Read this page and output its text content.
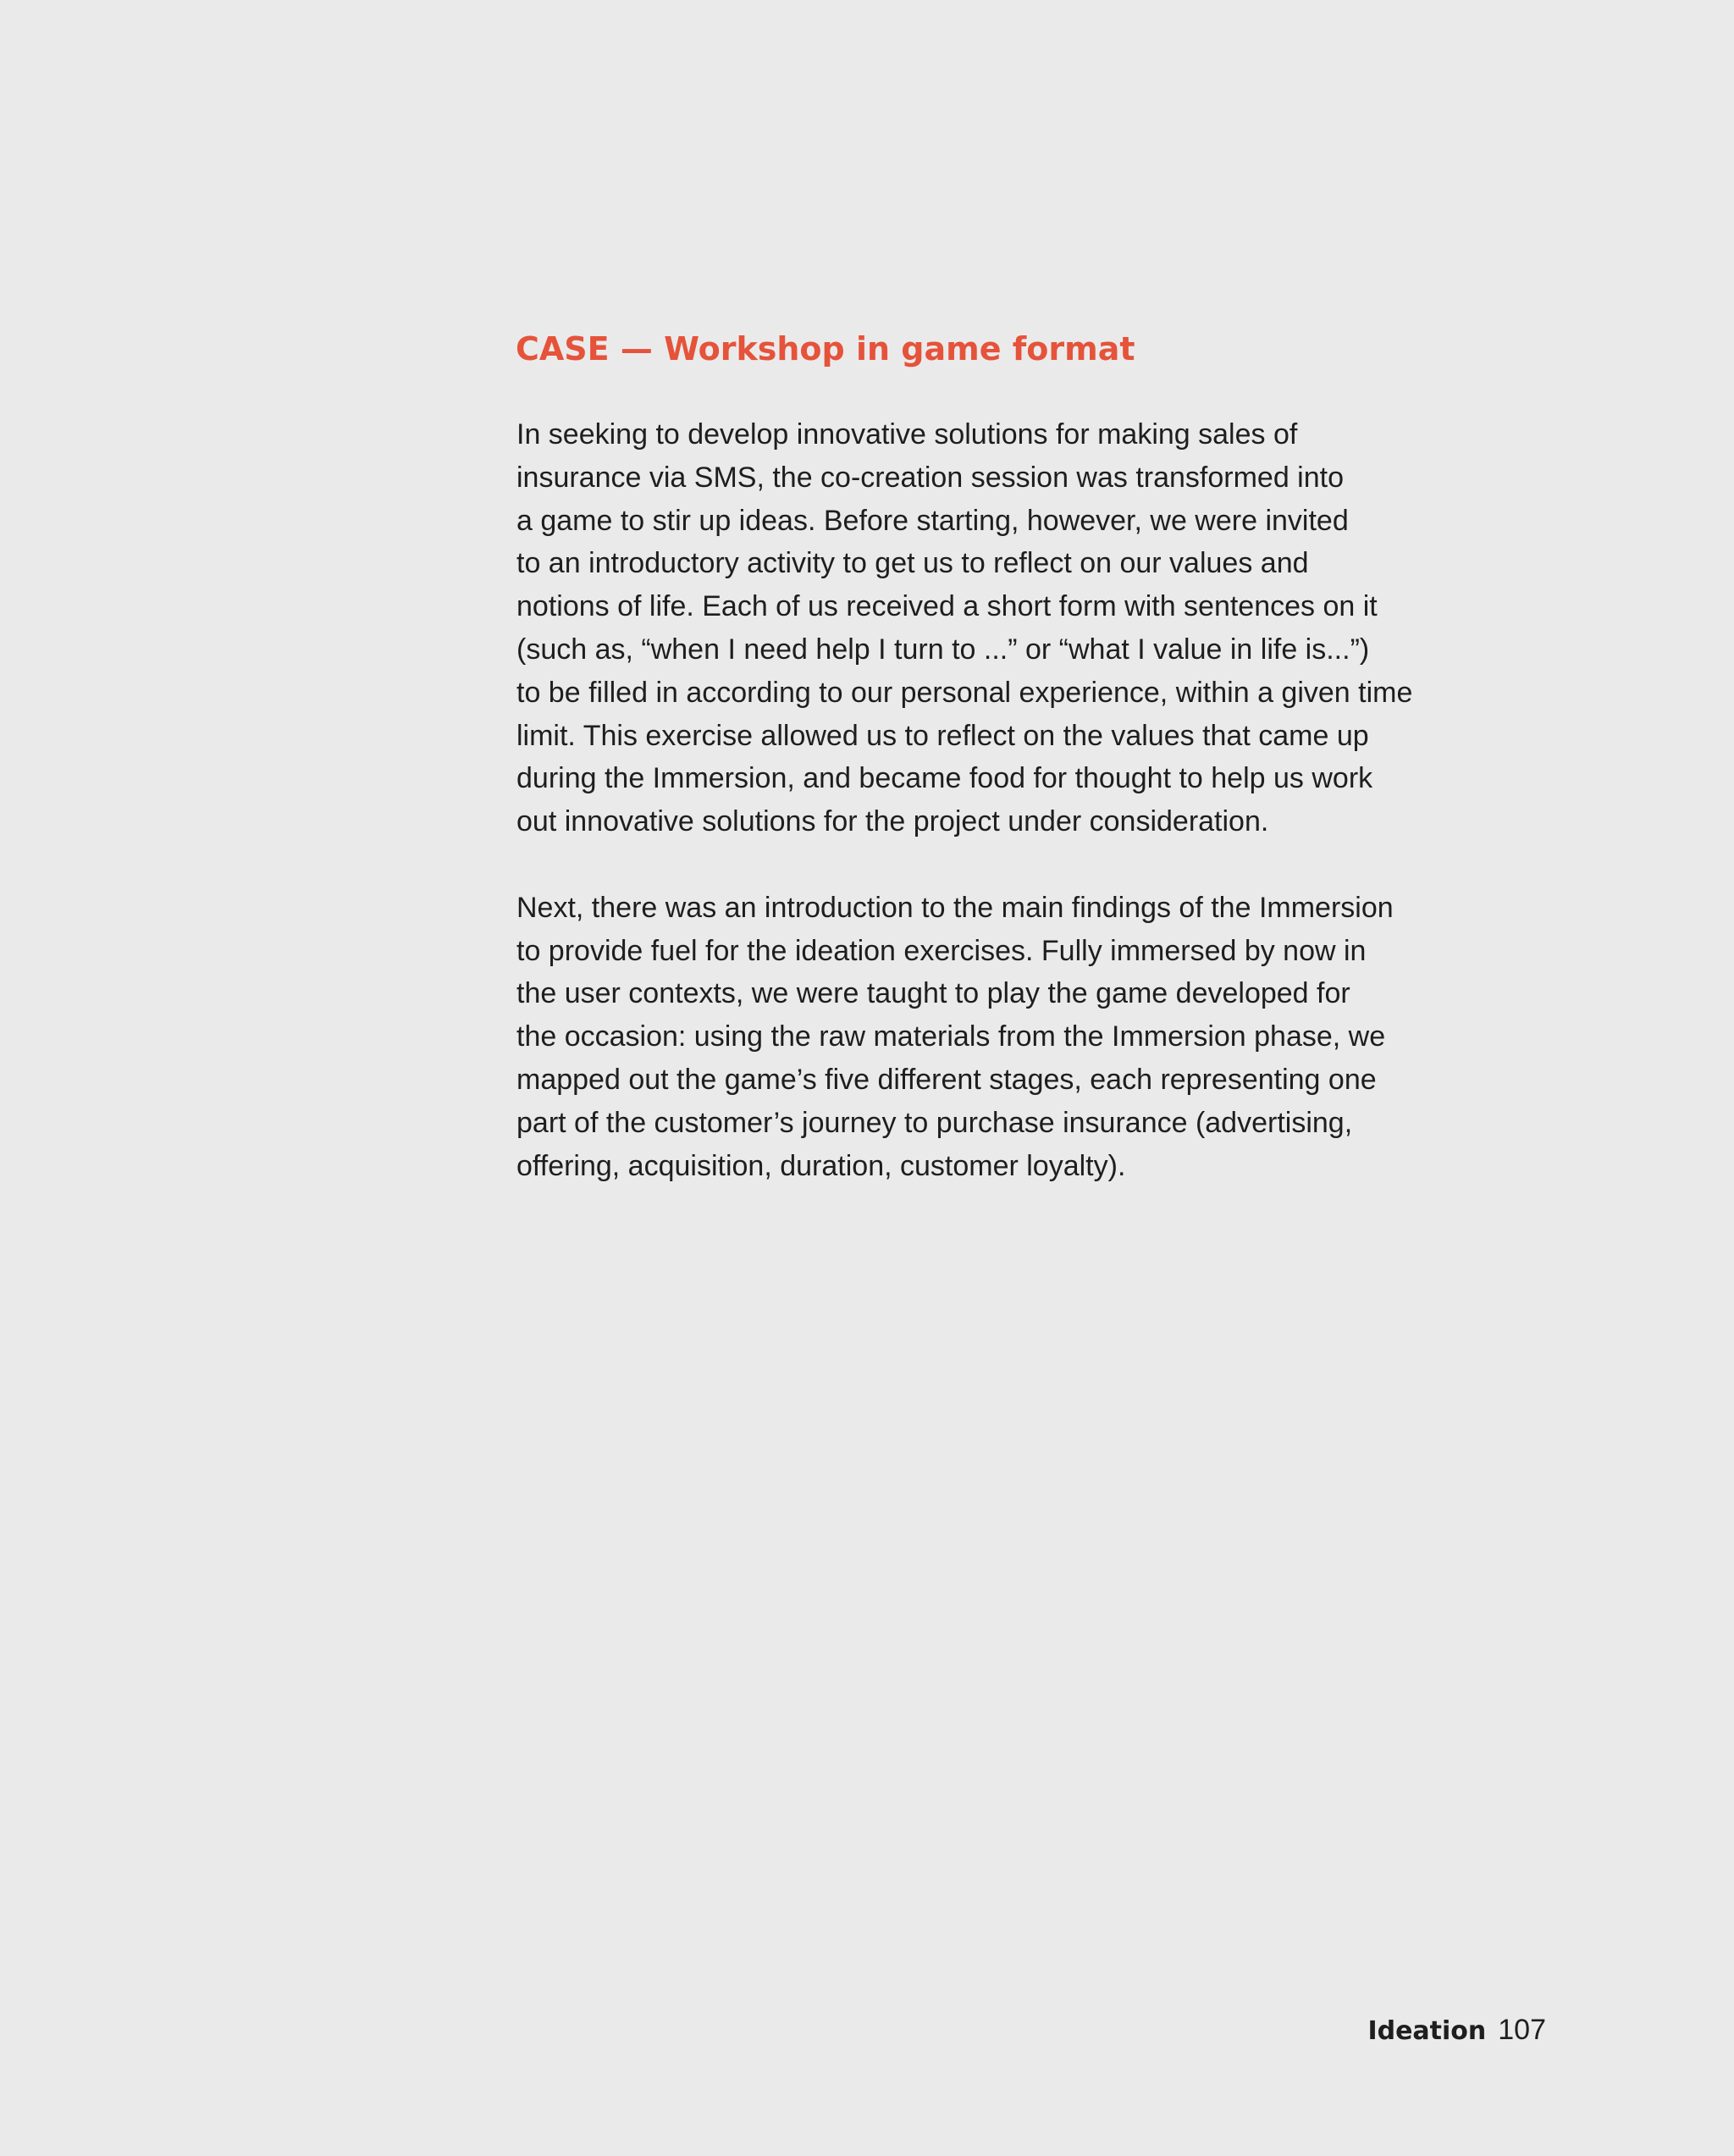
CASE — Workshop in game format

In seeking to develop innovative solutions for making sales of
insurance via SMS, the co-creation session was transformed into
a game to stir up ideas. Before starting, however, we were invited
to an introductory activity to get us to reflect on our values and
notions of life. Each of us received a short form with sentences on it
(such as, “when I need help I turn to ...” or “what I value in life is...”)
to be filled in according to our personal experience, within a given time
limit. This exercise allowed us to reflect on the values that came up
during the Immersion, and became food for thought to help us work
out innovative solutions for the project under consideration.

Next, there was an introduction to the main findings of the Immersion
to provide fuel for the ideation exercises. Fully immersed by now in
the user contexts, we were taught to play the game developed for
the occasion: using the raw materials from the Immersion phase, we
mapped out the game’s five different stages, each representing one
part of the customer’s journey to purchase insurance (advertising,
offering, acquisition, duration, customer loyalty).

Ideation 107
